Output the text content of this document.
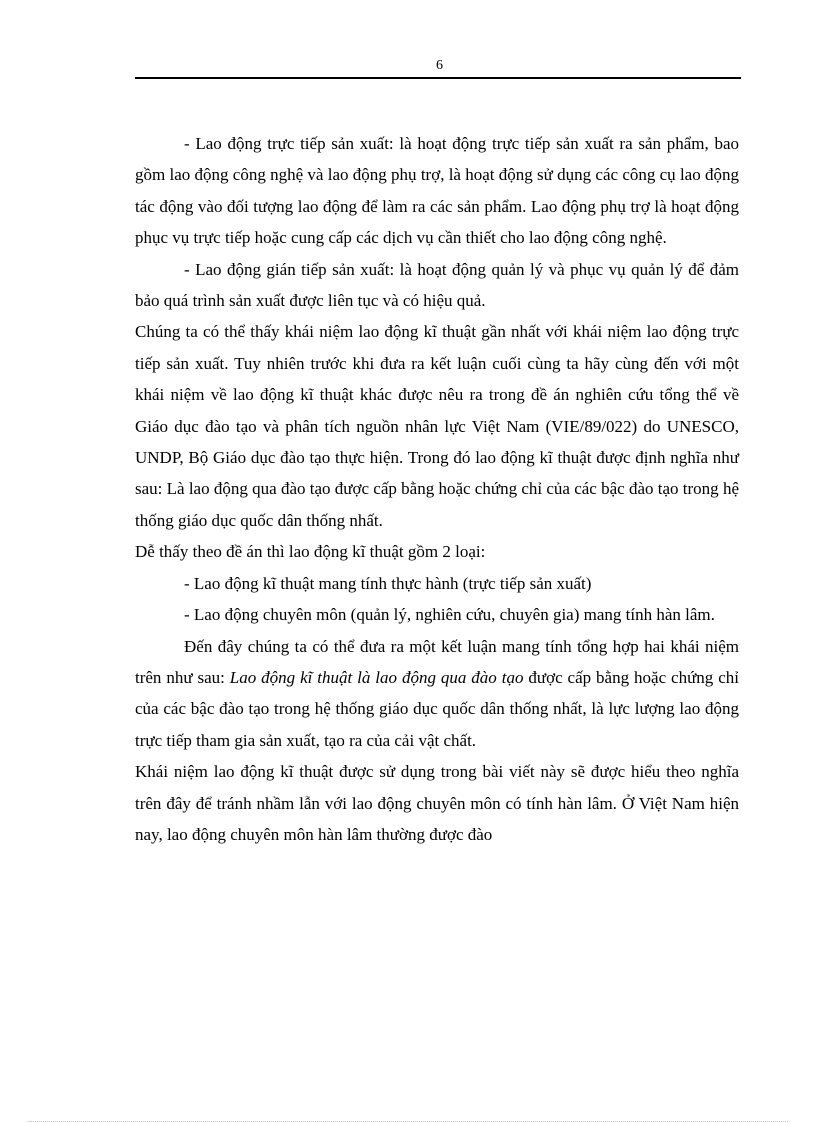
6

- Lao động trực tiếp sản xuất: là hoạt động trực tiếp sản xuất ra sản phẩm, bao gồm lao động công nghệ và lao động phụ trợ, là hoạt động sử dụng các công cụ lao động tác động vào đối tượng lao động để làm ra các sản phẩm. Lao động phụ trợ là hoạt động phục vụ trực tiếp hoặc cung cấp các dịch vụ cần thiết cho lao động công nghệ.

- Lao động gián tiếp sản xuất: là hoạt động quản lý và phục vụ quản lý để đảm bảo quá trình sản xuất được liên tục và có hiệu quả.

Chúng ta có thể thấy khái niệm lao động kĩ thuật gần nhất với khái niệm lao động trực tiếp sản xuất. Tuy nhiên trước khi đưa ra kết luận cuối cùng ta hãy cùng đến với một khái niệm về lao động kĩ thuật khác được nêu ra trong đề án nghiên cứu tổng thể về Giáo dục đào tạo và phân tích nguồn nhân lực Việt Nam (VIE/89/022) do UNESCO, UNDP, Bộ Giáo dục đào tạo thực hiện. Trong đó lao động kĩ thuật được định nghĩa như sau: Là lao động qua đào tạo được cấp bằng hoặc chứng chỉ của các bậc đào tạo trong hệ thống giáo dục quốc dân thống nhất.

Dễ thấy theo đề án thì lao động kĩ thuật gồm 2 loại:

- Lao động kĩ thuật mang tính thực hành (trực tiếp sản xuất)

- Lao động chuyên môn (quản lý, nghiên cứu, chuyên gia) mang tính hàn lâm.

Đến đây chúng ta có thể đưa ra một kết luận mang tính tổng hợp hai khái niệm trên như sau: Lao động kĩ thuật là lao động qua đào tạo được cấp bằng hoặc chứng chỉ của các bậc đào tạo trong hệ thống giáo dục quốc dân thống nhất, là lực lượng lao động trực tiếp tham gia sản xuất, tạo ra của cải vật chất.

Khái niệm lao động kĩ thuật được sử dụng trong bài viết này sẽ được hiểu theo nghĩa trên đây để tránh nhầm lẫn với lao động chuyên môn có tính hàn lâm. Ở Việt Nam hiện nay, lao động chuyên môn hàn lâm thường được đào
